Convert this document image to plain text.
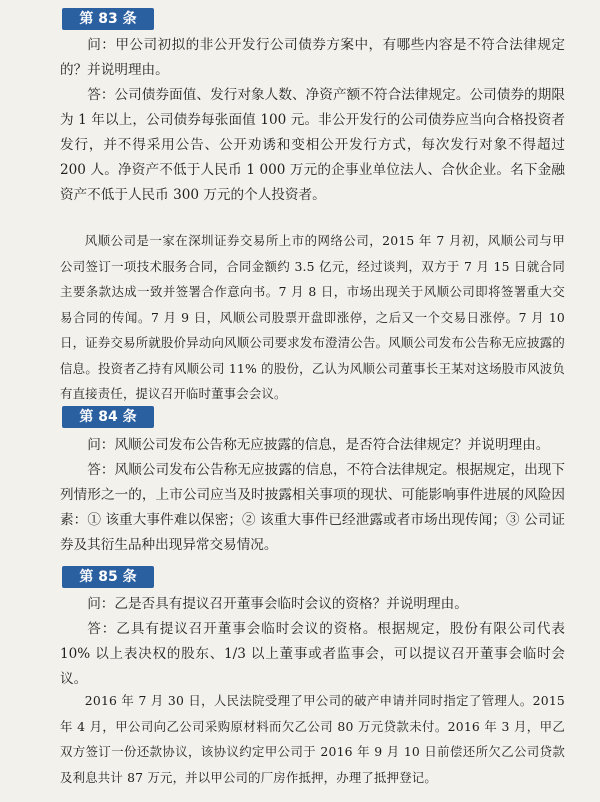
第 83 条

问：甲公司初拟的非公开发行公司债券方案中，有哪些内容是不符合法律规定的？并说明理由。

答：公司债券面值、发行对象人数、净资产额不符合法律规定。公司债券的期限为 1 年以上，公司债券每张面值 100 元。非公开发行的公司债券应当向合格投资者发行，并不得采用公告、公开劝诱和变相公开发行方式，每次发行对象不得超过 200 人。净资产不低于人民币 1 000 万元的企事业单位法人、合伙企业。名下金融资产不低于人民币 300 万元的个人投资者。

风顺公司是一家在深圳证券交易所上市的网络公司，2015 年 7 月初，风顺公司与甲公司签订一项技术服务合同，合同金额约 3.5 亿元，经过谈判，双方于 7 月 15 日就合同主要条款达成一致并签署合作意向书。7 月 8 日，市场出现关于风顺公司即将签署重大交易合同的传闻。7 月 9 日，风顺公司股票开盘即涨停，之后又一个交易日涨停。7 月 10 日，证券交易所就股价异动向风顺公司要求发布澄清公告。风顺公司发布公告称无应披露的信息。投资者乙持有风顺公司 11% 的股份，乙认为风顺公司董事长王某对这场股市风波负有直接责任，提议召开临时董事会会议。

第 84 条

问：风顺公司发布公告称无应披露的信息，是否符合法律规定？并说明理由。

答：风顺公司发布公告称无应披露的信息，不符合法律规定。根据规定，出现下列情形之一的，上市公司应当及时披露相关事项的现状、可能影响事件进展的风险因素：① 该重大事件难以保密；② 该重大事件已经泄露或者市场出现传闻；③ 公司证券及其衍生品种出现异常交易情况。

第 85 条

问：乙是否具有提议召开董事会临时会议的资格？并说明理由。

答：乙具有提议召开董事会临时会议的资格。根据规定，股份有限公司代表 10% 以上表决权的股东、1/3 以上董事或者监事会，可以提议召开董事会临时会议。

2016 年 7 月 30 日，人民法院受理了甲公司的破产申请并同时指定了管理人。2015 年 4 月，甲公司向乙公司采购原材料而欠乙公司 80 万元贷款未付。2016 年 3 月，甲乙双方签订一份还款协议，该协议约定甲公司于 2016 年 9 月 10 日前偿还所欠乙公司贷款及利息共计 87 万元，并以甲公司的厂房作抵押，办理了抵押登记。
